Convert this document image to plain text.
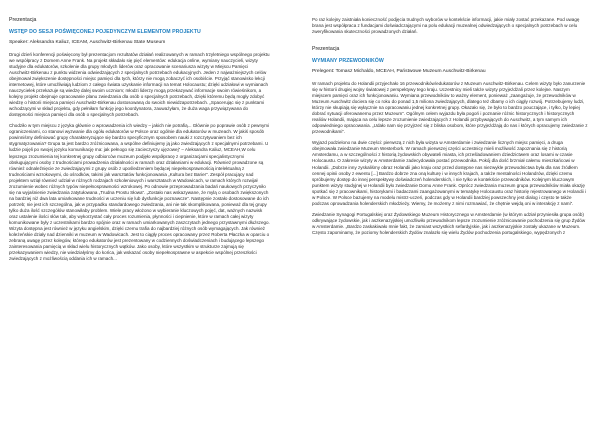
Prezentacja
WSTĘP DO SESJI POŚWIĘCONEJ POJEDYNCZYM ELEMENTOM PROJEKTU
Speaker: Aleksandra Kaliuz, ICEAM, Auschwitz-Birkenau State Museum
Drugi dzień konferencji poświęcony był prezentacjom rezultatów działań realizowanych w ramach trzyletniego wspólnego projektu we współpracy z Domem Anne Frank. Na projekt składało się pięć elementów: edukacja online, wymiany nauczycieli, wizyty studyjne dla edukatorów, szkolenie dla grupy młodych liderów oraz opracowanie scenariusza wizyty w Miejscu Pamięci Auschwitz-Birkenau z punktu widzenia odwiedzających z specjalnych potrzebach edukacyjnych. Jeden z najważniejszych celów obejmował zwiększenie dostępności miejsc pamięci dla tych, którzy nie mogą zobaczyć ich osobiście. Przyjąć stanowisko lekcji internetowej, które umożliwiają ludziom z całego świata uzyskanie informacji na temat Holocaustu; dzięki udziałowi w wymianach nauczycielek przekazuje są wiedzę dalej swoim uczniom; młodzi liderzy mogą przekazywać informacje swoim rówieśnikom, a kolejny projekt obejmuje opracowanie planu zwiedzania dla osób o specjalnych potrzebach, dzięki któremu będą mogły zdobyć wiedzę o historii miejsca pamięci Auschwitz-Birkenau dostosowaną do swoich niewidzapotrzebach. „Spacerując się z punktami wchodzącymi w skład projektu, gdy pełniłam funkcję jego koordynatora, zauważyłam, że duża waga przywiązywana do dostępności miejsca pamięci dla osób o specjalnych potrzebach.
Chodziło w tym miejscu z języka głównie o wprowadzenia ich wiedzy – jakich nie potrafią... Głównie po poprawie osób z pewnymi ograniczeniami, co stanowi wyzwanie dla ogółu edukatorów w Polsce oraz ogólnie dla edukatorów w muzeach. W jakiś sposób powinniśmy definiować grupy charakteryzujące się bardzo specyficznym sposobem nauki z rozczytywaniem bez ich stygmatyzowania? Grupa ta jest bardzo zróżnicowana, a wspólne definiujemy ją jako zwiedzających z specjalnymi potrzebami. U ludzie pojęli po swojej języku komunikację ma: jak pełnogo się zacieczyszy ujęzowej” – Aleksandra Kaliuz, MCEAH,W celu lepszego zrozumienia tej konkretnej grupy odbiorców muzeum podjęło współpracę z organizacjami specjalistycznymi obsługującymi osoby z trudnościami prowadzenia działalności w ramach oraz działaniami w edukacji. Również prowadzone są również odnaleźnięcie ze zwiedzającymi z grupy osób z upośledzeniem będącej niepełnosprawnością intelektualną z trudnościami wzrokowymi, do ośrodków, takimi jak warsztatów funkcjonowania „Kultura bez Barier”. Zespół pracujący nad projektem wziął również udział w różnych rodzajach szkoleniowych i warsztatach w Wadowicach, w ramach których rozwijał zrozumienie wobec różnych typów niepełnosprawności wzrokowej. Po odnowie przeprowadzania badań naukowych przyczyniło się na wyjaśnienie zwiedzania zatytułowana „Trudna Prostu Słowa”. „Zostało nas wskazywane, że mylą o osobach zwiększonych na bardziej niż dwa lata umiarkowane trudności w uczeniu się lub dysfunkcje poznawcze”. Następnie zostało dostosowane do ich potrzeb; nie jest ich szczególna, jak w przypadku standardowego zwiedzania, ani nie tak skomplikowana, ponieważ dla tej grupy tylko duża ilość szczegółów stanowiłaby problem. Wiele pracy włożono w wybieranie kluczowych pojęć, dat, ważnych nazwisk oraz ustalenie ilości słów tak, aby wykorzystać cały proces rozumienia, płynności i ciepnienie, które w ramach całej wizyty komunikowane były z uczestnikami bardzo spójnie oraz w ramach umiarkowanych zaszczytach jednego przystawnymi dłuższego. Wizyta dostępna jest również w języku angielskim, dzięki czemu trafia do najbardziej różnych osób wymagających. Jak również koleżeńskie działy nad dzienniki w muzeum w Wadowicach. Jest to ciągły proces opracowany przez Roberta Płaczka w oparciu o zebraną uwagę przez kolegów, którego edukatorów jest prezentowany w codziennych doświadczeniach i budującego lepszego zainteresowania pamięcią w skład wielu historycznych wątków. Jako osoby, które wszystkim w strukturze zajmują się przekazywaniem wiedzy, nie wiedziałyśmy do końca, jak wskazać osoby niepełnosprawne w aspekcie wspólnej przeszłości zwiedzających z możliwością oddania ich w ramach...
Po raz kolejny zaistniała konieczność podjęcia trudnych wyborów w kontekście informacji, jakie miały zostać przekazane. Pod uwagę brana jest współpraca z fundacjami doświadczającymi na polu edukacji muzealnej odwiedzających o specjalnych potrzebach w celu zweryfikowania skuteczności prowadzonych działań.
Prezentacja
WYMIANY PRZEWODNIKÓW
Prelegent: Tomasz Michaldo, MCEAH, Państwowe Muzeum Auschwitz-Birkenau
W ramach projektu do Holandii przyjechało 16 przewodników/edukatorów z Muzeum Auschwitz-Birkenau. Celem wizyty było zanurzenie się w historii drugiej wojny światowej z perspektywy tego kraju. Uczestnicy mieli także wizyty przyjeżdżali przez kolejne. Naszym miejscem pamięci oraz ich funkcjonowaniu. Wymiana przewodników to ważny element, ponieważ „zaangażuje, że przewodników w Muzeum Auschwitz dociera się co roku do ponad 1,5 miliona zwiedzających, dlatego też dbamy o ich ciągły rozwój. Potrzebujemy ludzi, którzy nie skupiają się wyłącznie na opracowaniu jednej konkretnej grupy. Okazało się, że było to bardzo pouczające, i tylko, by lepiej dobrać sytuacji oferowanemu przez Muzeum”. Ogólnym celem wyjazdu była pogoń i poznanie różnic historycznych i historycznych realiów Holandii, mająca na celu lepsze zrozumienie zwiedzających z Holandii przybywających do Auschwitz, a tym samym ich odpowiedniego opracowania. „Udało nam się przyjrzeć się z bliska osobom, które przyjeżdżają do nas i których opracujemy zwiedzanie z przewodnikami”.
Wyjazd podzielono na dwie części: pierwszą z nich była wizyta w Amsterdamie i zwiedzanie licznych miejsc pamięci, a druga obejmowała zwiedzanie Muzeum Westerbork. W ramach pierwszej części uczestnicy mieli możliwość zapoznania się z historią Amsterdamu, a w szczególności z historią żydowskich obywateli miasta, ich prześladowaniem dziedzictwem oraz losami w czasie Holocaustu. O zakresie wizyty w Amsterdamie zadecydowała postać przewodnika. Pokój dla dość brzmiał całemu mieszkańcowi w Holandii. „Dobrze inny zyskaliśmy obraz Holandii jako kraju oraz przed dostępne nas niezwykle przewodnictwa była dla nas źródłem cennej opinii osoby z ewentu [...] Bardzo dobrze zna oną kulturę i w innych krajach, a także mentalności Holandrów, dzięki czemu spróbujemy dostęp do innej perspektywy doświadczeń holenderskich, i nie tylko w kontekście przewodników. Kolejnym kluczowym punktem wizyty studyjnej w Holandii było zwiedzanie Domu Anne Frank. Oprócz zwiedzania muzeum grupa przewodników miała okazję spotkać się z pracownikami, historykami i badaczami zaangażowanymi w tematykę Holocaustu oraz historię rejestrowanego w Holandii i w Polsce. W Polsce bazujemy na modelu mistrz-uczeń, podczas gdy w Holandii bardziej powszechny jest dialog i często te także podczas oprowadzania holenderskich młodzieży. Wiemy, że możemy z nimi rozmawiać, że chętnie wejdą oni w interakcję z nami”.
Zwiedzanie Synagogi Portugalskiej oraz Żydowskiego Muzeum Historycznego w Amsterdamie (w którym udział przyniesiła grupa osób) odkrywające żydowskie, jak i aszkenazyjskiej umożliwiło przewodnikom lepsze zrozumienie zróżnicowanie pochodzenia się grup Żydów w Amsterdamie. „Bardzo zaskakiwało mnie fakt, że zamiast wszystkich sefardyjskie, jak i aszkenazyjskie zostały ukazane w Muzeum. Często zapominamy, że poziomy holenderskich Żydów znalazło się wielu Żydów pochodzenia portugalskiego, wypędzonych z
